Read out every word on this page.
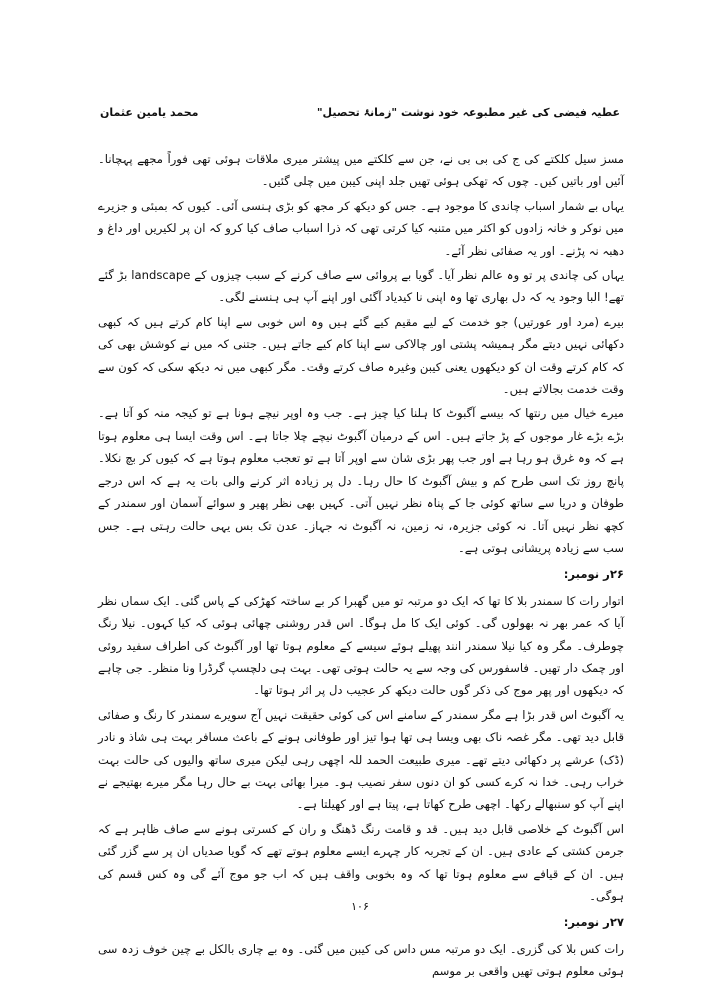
محمد یامین عثمان	عطیہ فیضی کی غیر مطبوعہ خود نوشت "زمانۂ تحصیل"

مسز سیل کلکتے کی ج کی بی بی نے، جن سے کلکتے میں پیشتر میری ملاقات ہوئی تھی فوراً مجھے پہچانا۔ آئیں اور باتیں کیں۔ چوں کہ تھکی ہوئی تھیں جلد اپنی کیبن میں چلی گئیں۔

یہاں بے شمار اسباب چاندی کا موجود ہے۔ جس کو دیکھ کر مجھ کو بڑی ہنسی آئی۔ کیوں کہ بمبئی و جزیرے میں نوکر و خانہ زادوں کو اکثر میں متنبہ کیا کرتی تھی کہ ذرا اسباب صاف کیا کرو کہ ان پر لکیریں اور داغ و دھبہ نہ پڑنے۔ اور یہ صفائی نظر آئے۔

یہاں کی چاندی پر تو وہ عالم نظر آیا۔ گویا بے پروائی سے صاف کرنے کے سبب چیزوں کے landscape بڑ گئے تھے! البا وجود یہ کہ دل بھاری تھا وہ اپنی نا کیدیاد آگئی اور اپنے آپ ہی ہنسنے لگی۔

بیرے (مرد اور عورتیں) جو خدمت کے لیے مقیم کیے گئے ہیں وہ اس خوبی سے اپنا کام کرتے ہیں کہ کبھی دکھائی نہیں دیتے مگر ہمیشہ پشتی اور چالاکی سے اپنا کام کیے جاتے ہیں۔ جتنی کہ میں نے کوشش بھی کی کہ کام کرتے وقت ان کو دیکھوں یعنی کیبن وغیرہ صاف کرتے وقت۔ مگر کبھی میں نہ دیکھ سکی کہ کون سے وقت خدمت بجالاتے ہیں۔

میرے خیال میں رنتھا کہ بیسے آگبوٹ کا ہلنا کیا چیز ہے۔ جب وہ اوپر نیچے ہونا ہے تو کیجہ منہ کو آتا ہے۔ بڑے بڑے غار موجوں کے پڑ جاتے ہیں۔ اس کے درمیان آگبوٹ نیچے چلا جاتا ہے۔ اس وقت ایسا ہی معلوم ہوتا ہے کہ وہ غرق ہو رہا ہے اور جب پھر بڑی شان سے اوپر آتا ہے تو تعجب معلوم ہوتا ہے کہ کیوں کر بچ نکلا۔ پانچ روز تک اسی طرح کم و بیش آگبوٹ کا حال رہا۔ دل پر زیادہ اثر کرنے والی بات یہ ہے کہ اس درجے طوفان و دریا سے ساتھ کوئی جا کے پناہ نظر نہیں آتی۔ کہیں بھی نظر پھیر و سوائے آسمان اور سمندر کے کچھ نظر نہیں آتا۔ نہ کوئی جزیرہ، نہ زمین، نہ آگبوٹ نہ جہاز۔ عدن تک بس یہی حالت رہتی ہے۔ جس سب سے زیادہ پریشانی ہوتی ہے۔

۲۶ر نومبر:

اتوار رات کا سمندر بلا کا تھا کہ ایک دو مرتبہ تو میں گھبرا کر بے ساختہ کھڑکی کے پاس گئی۔ ایک سماں نظر آیا کہ عمر بھر نہ بھولوں گی۔ کوئی ایک کا مل ہوگا۔ اس قدر روشنی چھائی ہوئی کہ کیا کہوں۔ نیلا رنگ چوطرف۔ مگر وہ کیا نیلا سمندر انند پھیلے ہوئے سیسے کے معلوم ہوتا تھا اور آگبوٹ کی اطراف سفید روئی اور چمک دار تھیں۔ فاسفورس کی وجہ سے یہ حالت ہوتی تھی۔ بہت ہی دلچسپ گرڈرا ونا منظر۔ جی چاہے کہ دیکھوں اور پھر موج کی ذکر گوں حالت دیکھ کر عجیب دل پر اثر ہوتا تھا۔

یہ آگبوٹ اس قدر بڑا ہے مگر سمندر کے سامنے اس کی کوئی حقیقت نہیں آج سویرے سمندر کا رنگ و صفائی قابل دید تھی۔ مگر غصہ ناک بھی ویسا ہی تھا ہوا تیز اور طوفانی ہونے کے باعث مسافر بہت ہی شاذ و نادر (ڈک) عرشے پر دکھائی دیتے تھے۔ میری طبیعت الحمد للہ اچھی رہی لیکن میری ساتھ والیوں کی حالت بہت خراب رہی۔ خدا نہ کرے کسی کو ان دنوں سفر نصیب ہو۔ میرا بھائی بہت بے حال رہا مگر میرے بھتیجے نے اپنے آپ کو سنبھالے رکھا۔ اچھی طرح کھاتا ہے، پیتا ہے اور کھیلتا ہے۔

اس آگبوٹ کے خلاصی قابل دید ہیں۔ قد و قامت رنگ ڈھنگ و ران کے کسرتی ہونے سے صاف ظاہر ہے کہ جرمن کشتی کے عادی ہیں۔ ان کے تجربہ کار چہرے ایسے معلوم ہوتے تھے کہ گویا صدیاں ان پر سے گزر گئی ہیں۔ ان کے قیافے سے معلوم ہوتا تھا کہ وہ بخوبی واقف ہیں کہ اب جو موج آئے گی وہ کس قسم کی ہوگی۔

۲۷ر نومبر:

رات کس بلا کی گزری۔ ایک دو مرتبہ مس داس کی کیبن میں گئی۔ وہ بے چاری بالکل بے چین خوف زدہ سی ہوئی معلوم ہوتی تھیں واقعی بر موسم

۱۰۶
